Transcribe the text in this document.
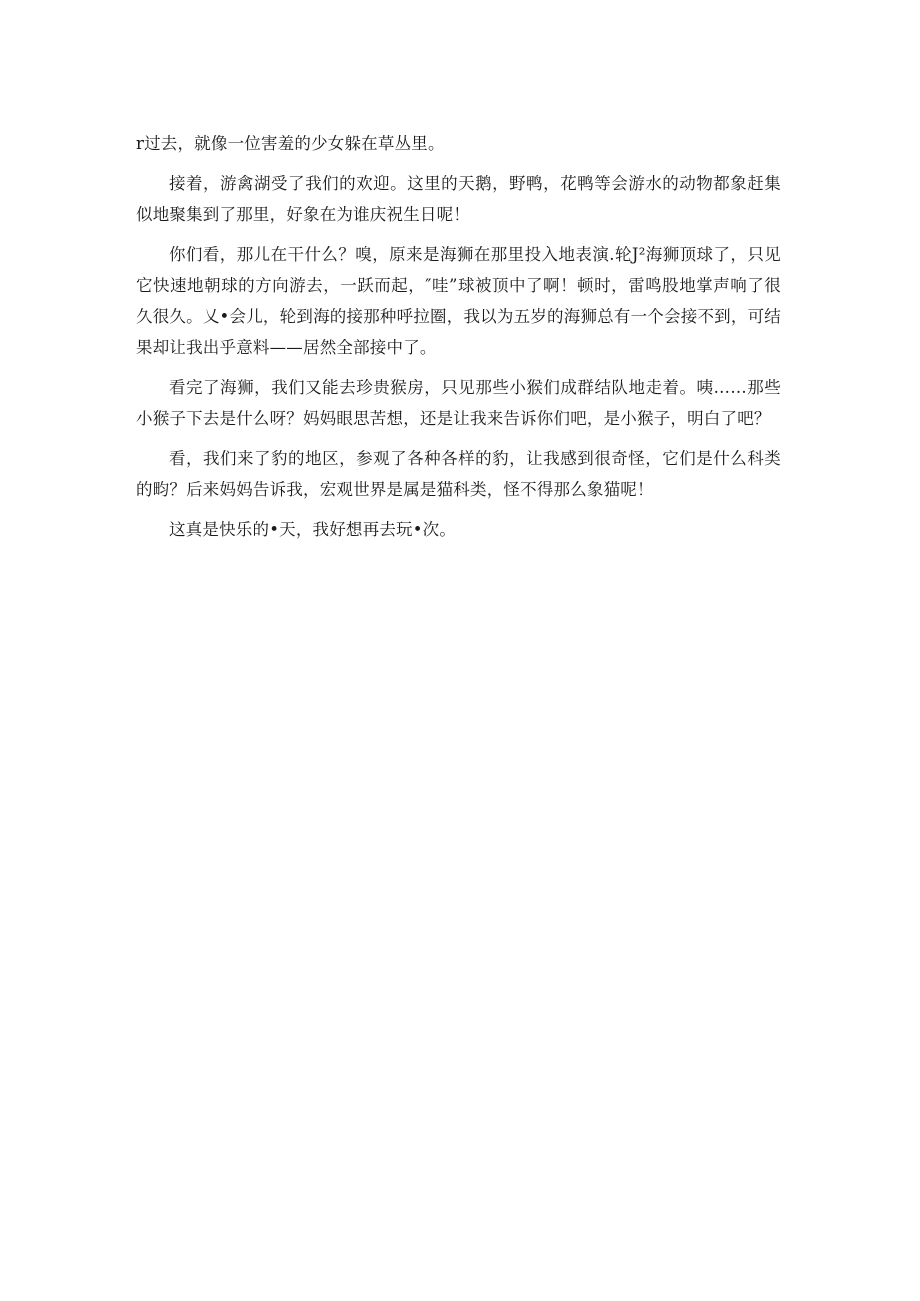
r过去，就像一位害羞的少女躲在草丛里。

接着，游禽湖受了我们的欢迎。这里的天鹅，野鸭，花鸭等会游水的动物都象赶集似地聚集到了那里，好象在为谁庆祝生日呢！

你们看，那儿在干什么？嗅，原来是海狮在那里投入地表演.轮J²海狮顶球了，只见它快速地朝球的方向游去，一跃而起，″哇”球被顶中了啊！顿时，雷鸣股地掌声响了很久很久。乂•会儿，轮到海的接那种呼拉圈，我以为五岁的海狮总有一个会接不到，可结果却让我出乎意料——居然全部接中了。

看完了海狮，我们又能去珍贵猴房，只见那些小猴们成群结队地走着。咦……那些小猴子下去是什么呀？妈妈眼思苦想，还是让我来告诉你们吧，是小猴子，明白了吧？

看，我们来了豹的地区，参观了各种各样的豹，让我感到很奇怪，它们是什么科类的畇？后来妈妈告诉我，宏观世界是属是猫科类，怪不得那么象猫呢！

这真是快乐的•天，我好想再去玩•次。
